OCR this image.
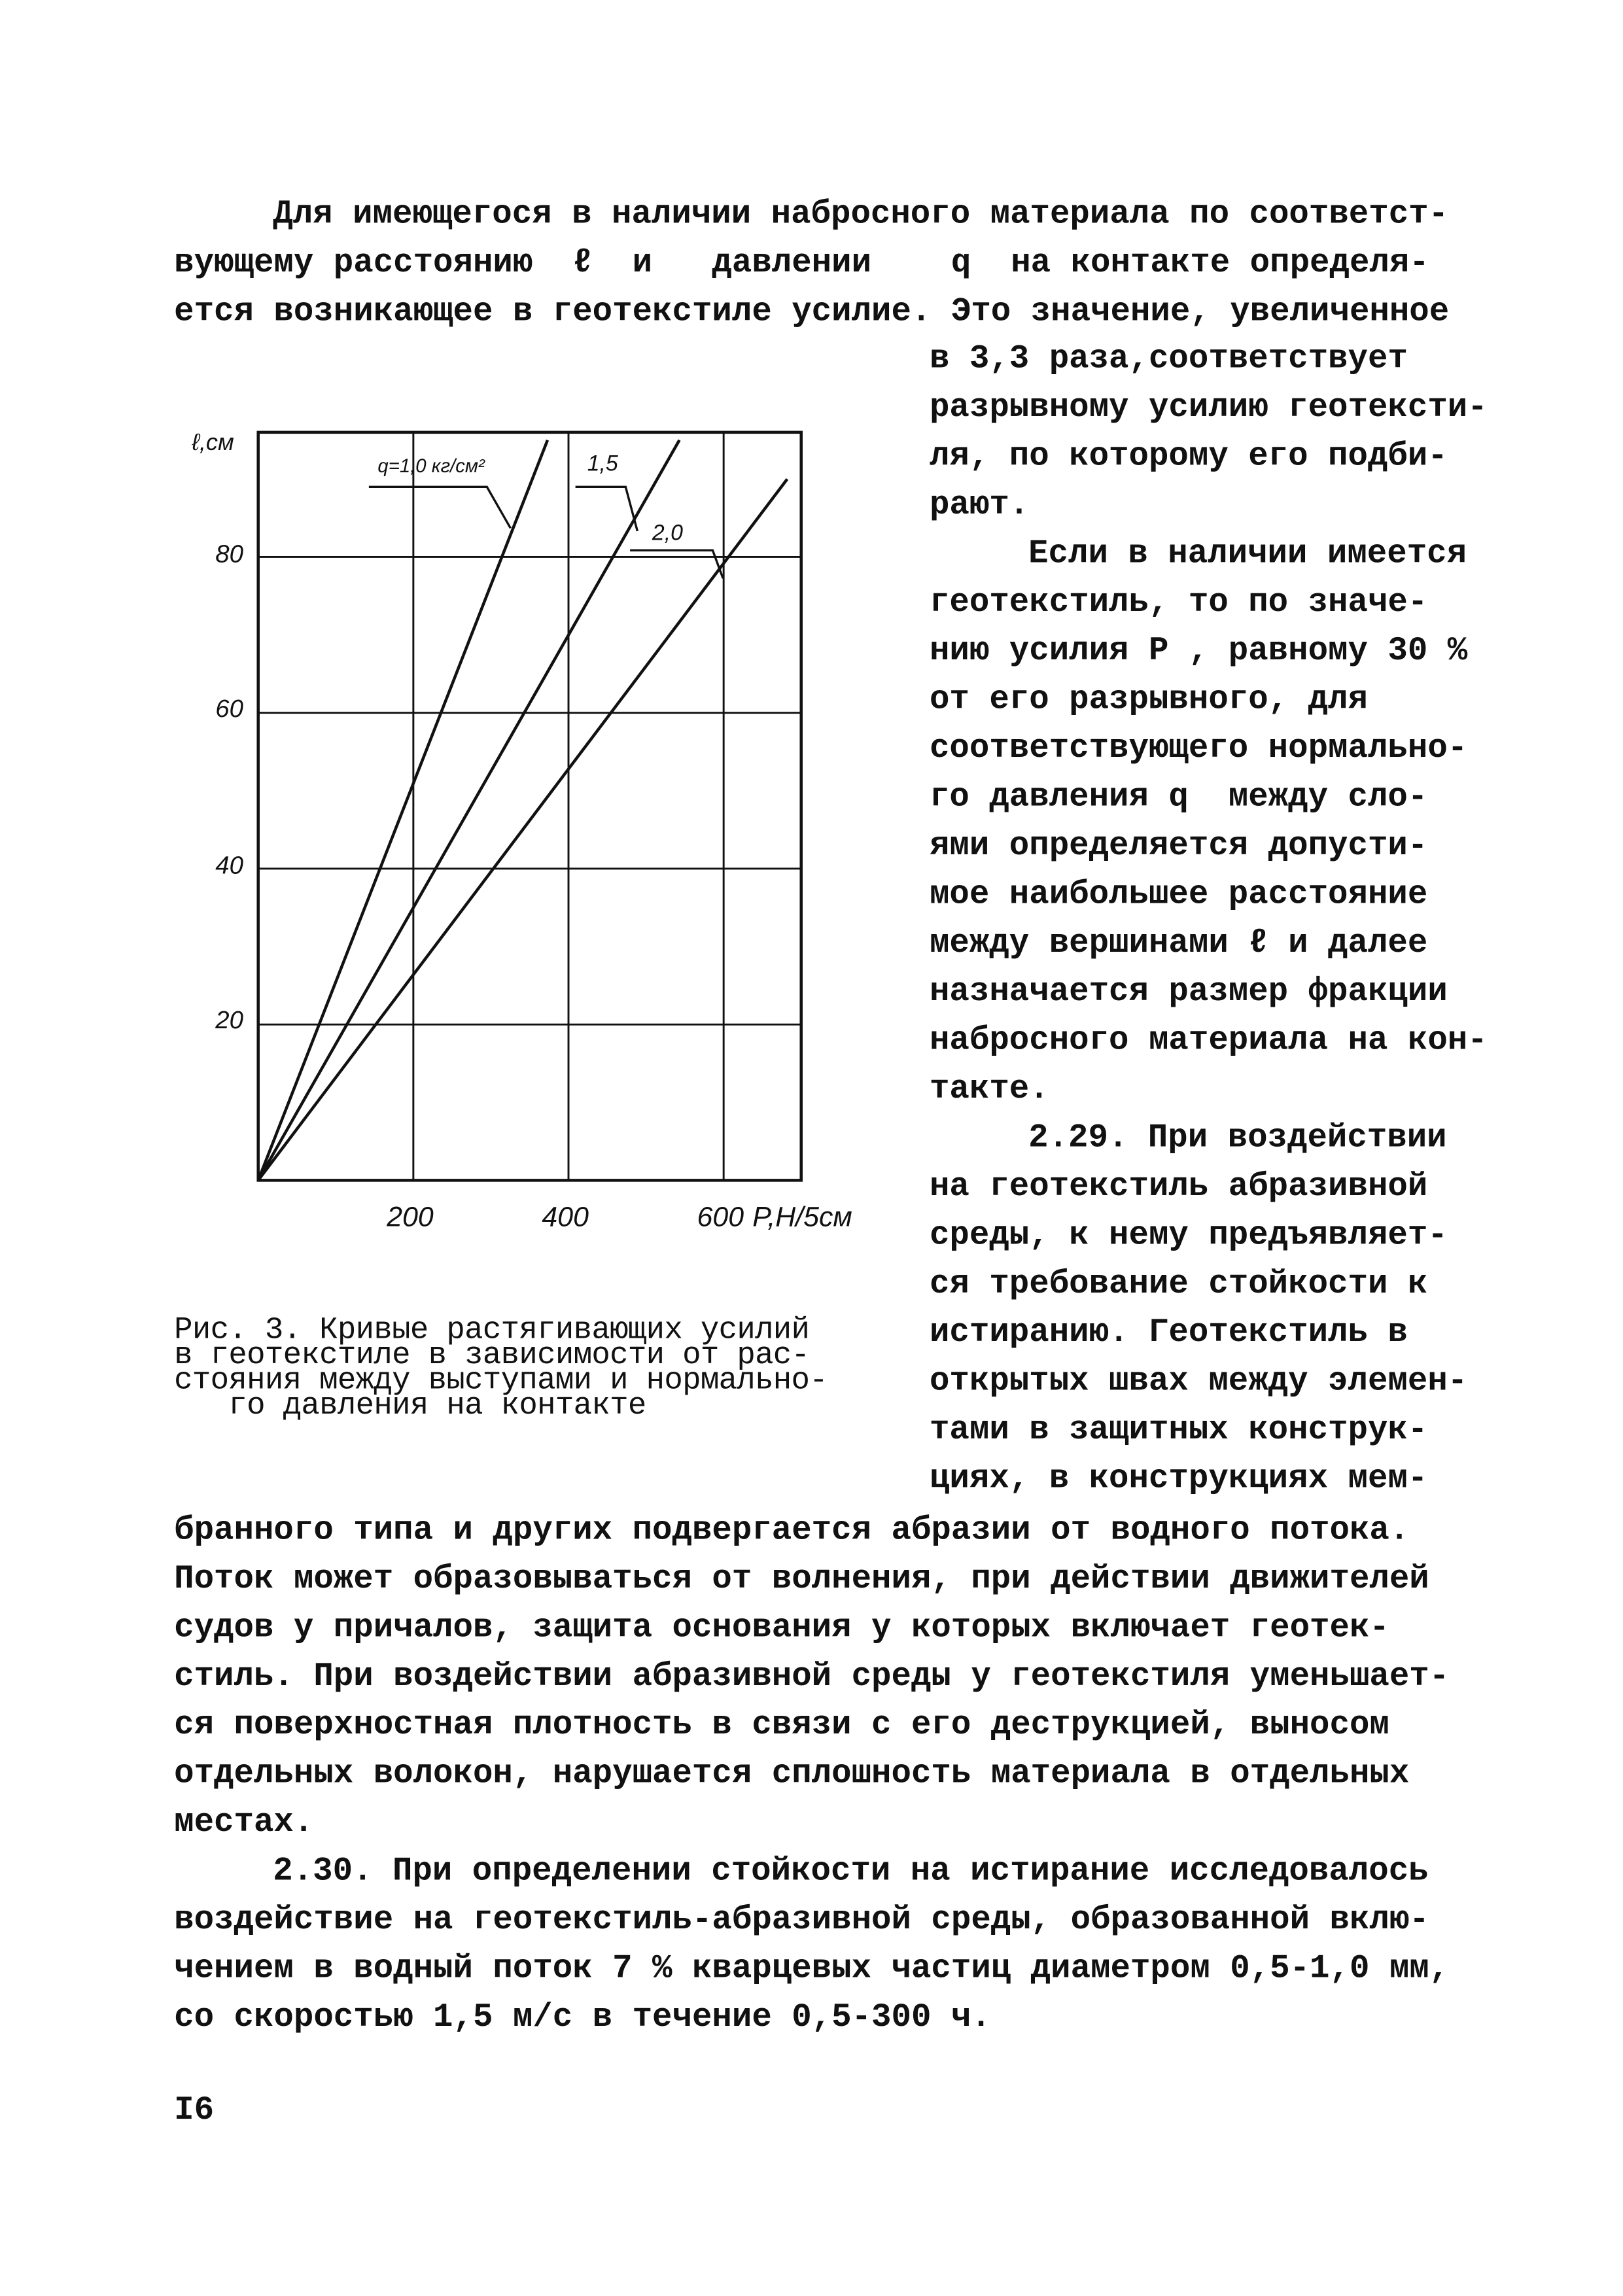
Для имеющегося в наличии набросного материала по соответст-
вующему расстоянию  ℓ  и   давлении    q  на контакте определя-
ется возникающее в геотекстиле усилие. Это значение, увеличенное
в 3,3 раза,соответствует
разрывному усилию геотексти-
ля, по которому его подби-
рают.
Если в наличии имеется
геотекстиль, то по значе-
нию усилия P , равному 30 %
от его разрывного, для
соответствующего нормально-
го давления q  между сло-
ями определяется допусти-
мое наибольшее расстояние
между вершинами ℓ и далее
назначается размер фракции
набросного материала на кон-
такте.
2.29. При воздействии
на геотекстиль абразивной
среды, к нему предъявляет-
ся требование стойкости к
истиранию. Геотекстиль в
открытых швах между элемен-
тами в защитных конструк-
циях, в конструкциях мем-
бранного типа и других подвергается абразии от водного потока.
Поток может образовываться от волнения, при действии движителей
судов у причалов, защита основания у которых включает геотек-
стиль. При воздействии абразивной среды у геотекстиля уменьшает-
ся поверхностная плотность в связи с его деструкцией, выносом
отдельных волокон, нарушается сплошность материала в отдельных
местах.
2.30. При определении стойкости на истирание исследовалось
воздействие на геотекстиль-абразивной среды, образованной вклю-
чением в водный поток 7 % кварцевых частиц диаметром 0,5-1,0 мм,
со скоростью 1,5 м/с в течение 0,5-300 ч.
Рис. 3. Кривые растягивающих усилий
в геотекстиле в зависимости от рас-
стояния между выступами и нормально-
го давления на контакте
I6
20
40
60
80
200	400	600 P,Н/5см
ℓ,см
q=1,0 кг/см²	1,5
2,0
